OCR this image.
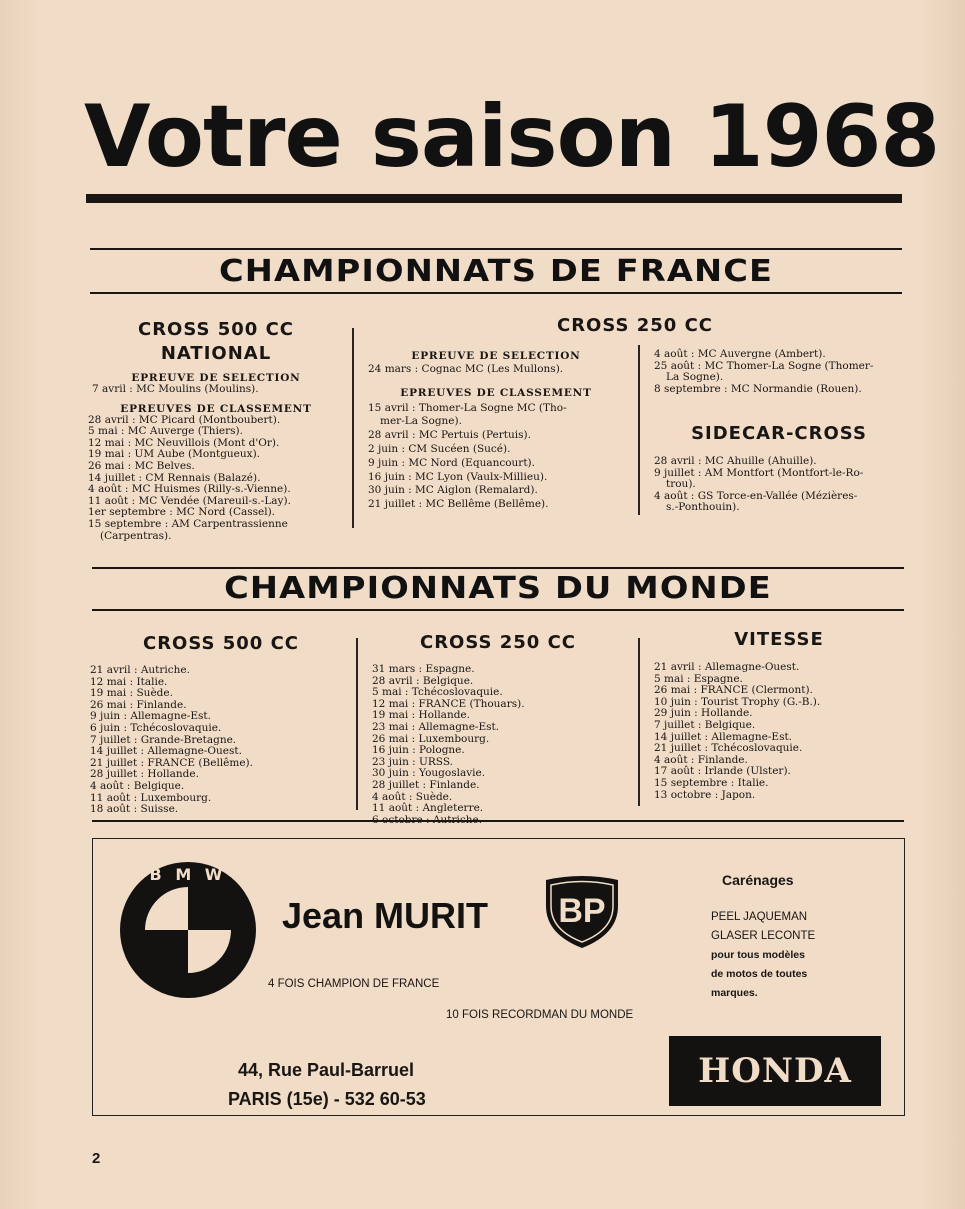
Votre saison 1968
CHAMPIONNATS DE FRANCE
CROSS 500 CC
NATIONAL
EPREUVE DE SELECTION
7 avril : MC Moulins (Moulins).
EPREUVES DE CLASSEMENT
28 avril : MC Picard (Montboubert).
5 mai : MC Auverge (Thiers).
12 mai : MC Neuvillois (Mont d'Or).
19 mai : UM Aube (Montgueux).
26 mai : MC Belves.
14 juillet : CM Rennais (Balazé).
4 août : MC Huismes (Rilly-s.-Vienne).
11 août : MC Vendée (Mareuil-s.-Lay).
1er septembre : MC Nord (Cassel).
15 septembre : AM Carpentrassienne
(Carpentras).
CROSS 250 CC
EPREUVE DE SELECTION
24 mars : Cognac MC (Les Mullons).
EPREUVES DE CLASSEMENT
15 avril : Thomer-La Sogne MC (Tho-
mer-La Sogne).
28 avril : MC Pertuis (Pertuis).
2 juin : CM Sucéen (Sucé).
9 juin : MC Nord (Equancourt).
16 juin : MC Lyon (Vaulx-Millieu).
30 juin : MC Aiglon (Remalard).
21 juillet : MC Bellême (Bellême).
4 août : MC Auvergne (Ambert).
25 août : MC Thomer-La Sogne (Thomer-
La Sogne).
8 septembre : MC Normandie (Rouen).
SIDECAR-CROSS
28 avril : MC Ahuille (Ahuille).
9 juillet : AM Montfort (Montfort-le-Ro-
trou).
4 août : GS Torce-en-Vallée (Mézières-
s.-Ponthouin).
CHAMPIONNATS DU MONDE
CROSS 500 CC
21 avril : Autriche.
12 mai : Italie.
19 mai : Suède.
26 mai : Finlande.
9 juin : Allemagne-Est.
6 juin : Tchécoslovaquie.
7 juillet : Grande-Bretagne.
14 juillet : Allemagne-Ouest.
21 juillet : FRANCE (Bellême).
28 juillet : Hollande.
4 août : Belgique.
11 août : Luxembourg.
18 août : Suisse.
CROSS 250 CC
31 mars : Espagne.
28 avril : Belgique.
5 mai : Tchécoslovaquie.
12 mai : FRANCE (Thouars).
19 mai : Hollande.
23 mai : Allemagne-Est.
26 mai : Luxembourg.
16 juin : Pologne.
23 juin : URSS.
30 juin : Yougoslavie.
28 juillet : Finlande.
4 août : Suède.
11 août : Angleterre.
VITESSE
21 avril : Allemagne-Ouest.
5 mai : Espagne.
26 mai : FRANCE (Clermont).
10 juin : Tourist Trophy (G.-B.).
29 juin : Hollande.
7 juillet : Belgique.
14 juillet : Allemagne-Est.
21 juillet : Tchécoslovaquie.
4 août : Finlande.
17 août : Irlande (Ulster).
15 septembre : Italie.
13 octobre : Japon.
B M W
Jean MURIT BP
4 FOIS CHAMPION DE FRANCE
10 FOIS RECORDMAN DU MONDE
Carénages
PEEL JAQUEMAN
GLASER LECONTE
pour tous modèles
de motos de toutes
marques.
44, Rue Paul-Barruel
PARIS (15e) - 532 60-53
HONDA
2
